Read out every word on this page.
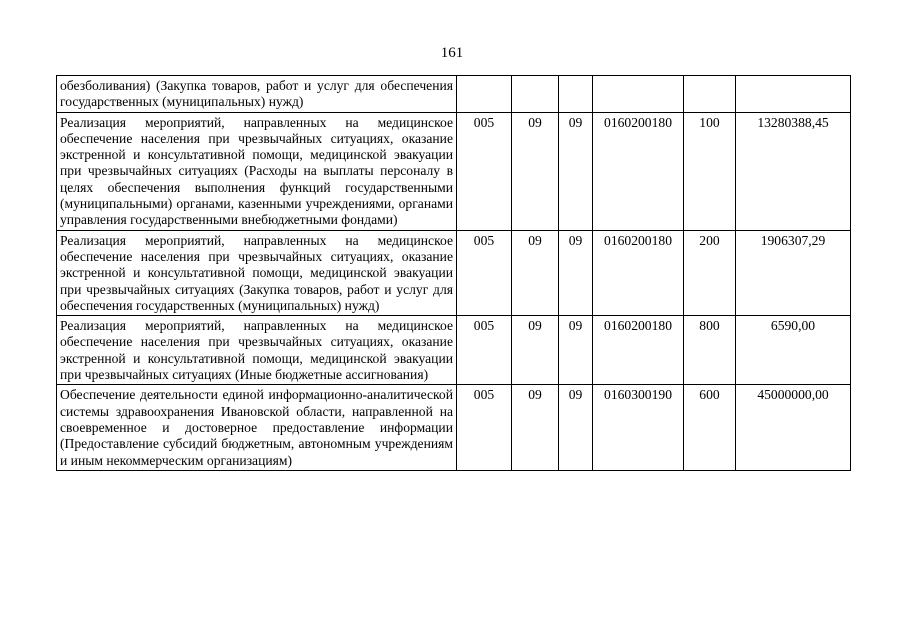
161
обезболивания) (Закупка товаров, работ и услуг для обеспечения государственных (муниципальных) нужд)						
Реализация мероприятий, направленных на медицинское обеспечение населения при чрезвычайных ситуациях, оказание экстренной и консультативной помощи, медицинской эвакуации при чрезвычайных ситуациях (Расходы на выплаты персоналу в целях обеспечения выполнения функций государственными (муниципальными) органами, казенными учреждениями, органами управления государственными внебюджетными фондами)	005	09	09	0160200180	100	13280388,45
Реализация мероприятий, направленных на медицинское обеспечение населения при чрезвычайных ситуациях, оказание экстренной и консультативной помощи, медицинской эвакуации при чрезвычайных ситуациях (Закупка товаров, работ и услуг для обеспечения государственных (муниципальных) нужд)	005	09	09	0160200180	200	1906307,29
Реализация мероприятий, направленных на медицинское обеспечение населения при чрезвычайных ситуациях, оказание экстренной и консультативной помощи, медицинской эвакуации при чрезвычайных ситуациях (Иные бюджетные ассигнования)	005	09	09	0160200180	800	6590,00
Обеспечение деятельности единой информационно-аналитической системы здравоохранения Ивановской области, направленной на своевременное и достоверное предоставление информации (Предоставление субсидий бюджетным, автономным учреждениям и иным некоммерческим организациям)	005	09	09	0160300190	600	45000000,00
